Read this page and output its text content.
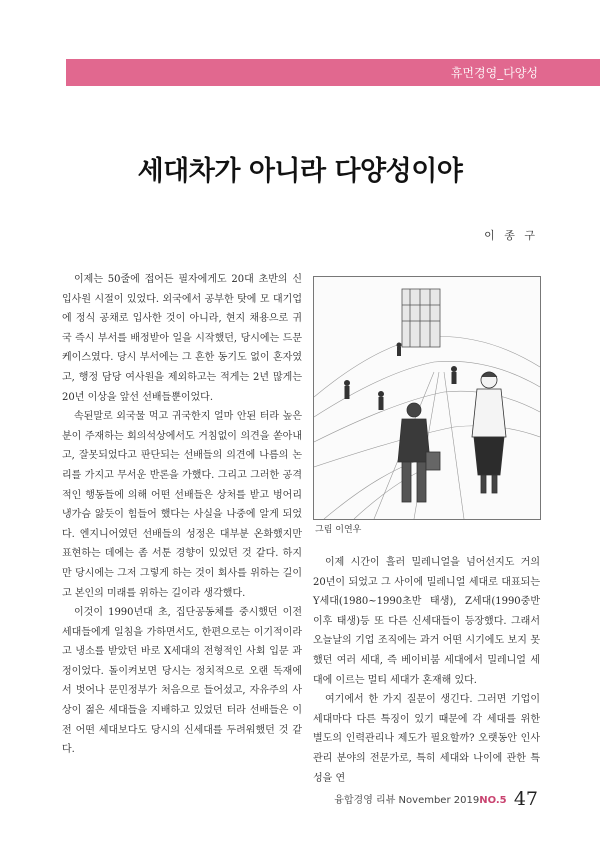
휴먼경영_다양성
세대차가 아니라 다양성이야
이 종 구

이제는 50줄에 접어든 필자에게도 20대 초반의 신입사원 시절이 있었다. 외국에서 공부한 탓에 모 대기업에 정식 공채로 입사한 것이 아니라, 현지 채용으로 귀국 즉시 부서를 배정받아 일을 시작했던, 당시에는 드문 케이스였다. 당시 부서에는 그 흔한 동기도 없이 혼자였고, 행정 담당 여사원을 제외하고는 적게는 2년 많게는 20년 이상을 앞선 선배들뿐이었다.

속된말로 외국물 먹고 귀국한지 얼마 안된 터라 높은 분이 주재하는 회의석상에서도 거침없이 의견을 쏟아내고, 잘못되었다고 판단되는 선배들의 의견에 나름의 논리를 가지고 무서운 반론을 가했다. 그리고 그러한 공격적인 행동들에 의해 어떤 선배들은 상처를 받고 벙어리 냉가슴 앓듯이 힘들어 했다는 사실을 나중에 알게 되었다. 엔지니어였던 선배들의 성정은 대부분 온화했지만 표현하는 데에는 좀 서툰 경향이 있었던 것 같다. 하지만 당시에는 그저 그렇게 하는 것이 회사를 위하는 길이고 본인의 미래를 위하는 길이라 생각했다.

이것이 1990년대 초, 집단공동체를 중시했던 이전 세대들에게 일침을 가하면서도, 한편으로는 이기적이라고 냉소를 받았던 바로 X세대의 전형적인 사회 입문 과정이었다. 돌이켜보면 당시는 정치적으로 오랜 독재에서 벗어나 문민정부가 처음으로 들어섰고, 자유주의 사상이 젊은 세대들을 지배하고 있었던 터라 선배들은 이전 어떤 세대보다도 당시의 신세대를 두려워했던 것 같다.

그림 이연우

이제 시간이 흘러 밀레니얼을 넘어선지도 거의 20년이 되었고 그 사이에 밀레니얼 세대로 대표되는 Y세대(1980~1990초반 태생), Z세대(1990중반 이후 태생)등 또 다른 신세대들이 등장했다. 그래서 오늘날의 기업 조직에는 과거 어떤 시기에도 보지 못했던 여러 세대, 즉 베이비붐 세대에서 밀레니얼 세대에 이르는 멀티 세대가 혼재해 있다.

여기에서 한 가지 질문이 생긴다. 그러면 기업이 세대마다 다른 특징이 있기 때문에 각 세대를 위한 별도의 인력관리나 제도가 필요할까? 오랫동안 인사관리 분야의 전문가로, 특히 세대와 나이에 관한 특성을 연

융합경영 리뷰 November 2019NO.5 47
